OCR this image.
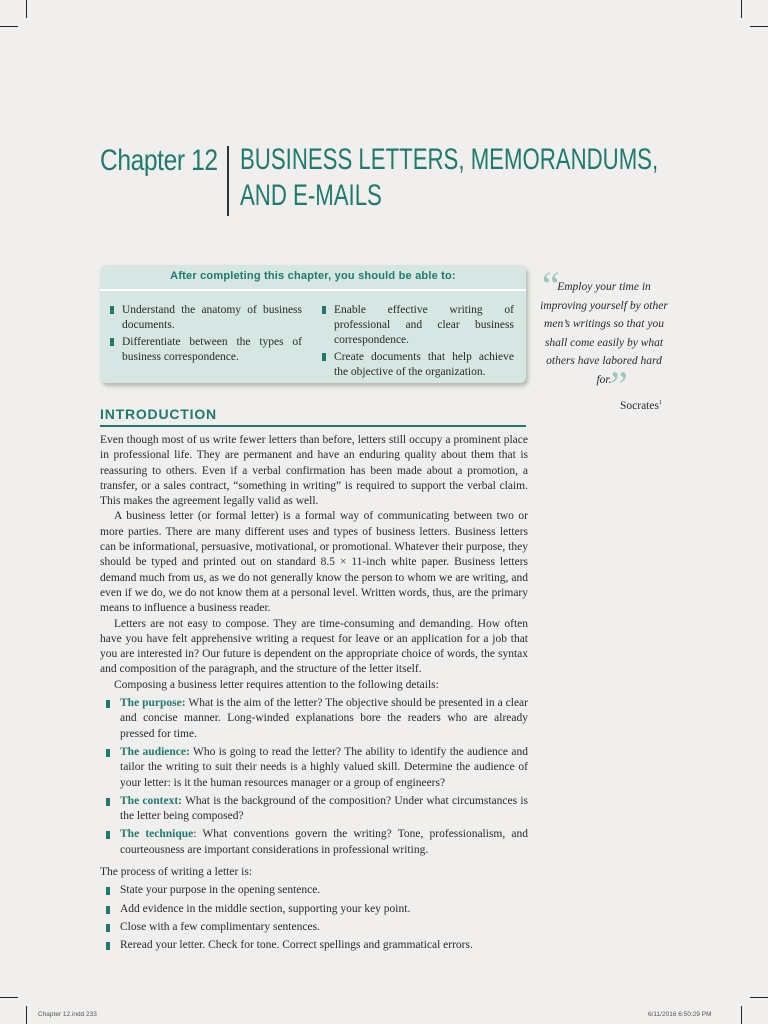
Chapter 12 BUSINESS LETTERS, MEMORANDUMS,
AND E-MAILS
After completing this chapter, you should be able to:
Understand the anatomy of business documents.
Differentiate between the types of business correspondence.
Enable effective writing of professional and clear business correspondence.
Create documents that help achieve the objective of the organization.
“
Employ your time in improving yourself by other men’s writings so that you shall come easily by what others have labored hard for.
”
Socrates$^1$
INTRODUCTION

Even though most of us write fewer letters than before, letters still occupy a prominent place in professional life. They are permanent and have an enduring quality about them that is reassuring to others. Even if a verbal confirmation has been made about a promotion, a transfer, or a sales contract, “something in writing” is required to support the verbal claim. This makes the agreement legally valid as well.

A business letter (or formal letter) is a formal way of communicating between two or more parties. There are many different uses and types of business letters. Business letters can be informational, persuasive, motivational, or promotional. Whatever their purpose, they should be typed and printed out on standard 8.5 × 11-inch white paper. Business letters demand much from us, as we do not generally know the person to whom we are writing, and even if we do, we do not know them at a personal level. Written words, thus, are the primary means to influence a business reader.

Letters are not easy to compose. They are time-consuming and demanding. How often have you have felt apprehensive writing a request for leave or an application for a job that you are interested in? Our future is dependent on the appropriate choice of words, the syntax and composition of the paragraph, and the structure of the letter itself.

Composing a business letter requires attention to the following details:

The purpose: What is the aim of the letter? The objective should be presented in a clear and concise manner. Long-winded explanations bore the readers who are already pressed for time.
The audience: Who is going to read the letter? The ability to identify the audience and tailor the writing to suit their needs is a highly valued skill. Determine the audience of your letter: is it the human resources manager or a group of engineers?
The context: What is the background of the composition? Under what circumstances is the letter being composed?
The technique: What conventions govern the writing? Tone, professionalism, and courteousness are important considerations in professional writing.

The process of writing a letter is:

State your purpose in the opening sentence.
Add evidence in the middle section, supporting your key point.
Close with a few complimentary sentences.
Reread your letter. Check for tone. Correct spellings and grammatical errors.
Chapter 12.indd 233	6/11/2016 6:50:29 PM
